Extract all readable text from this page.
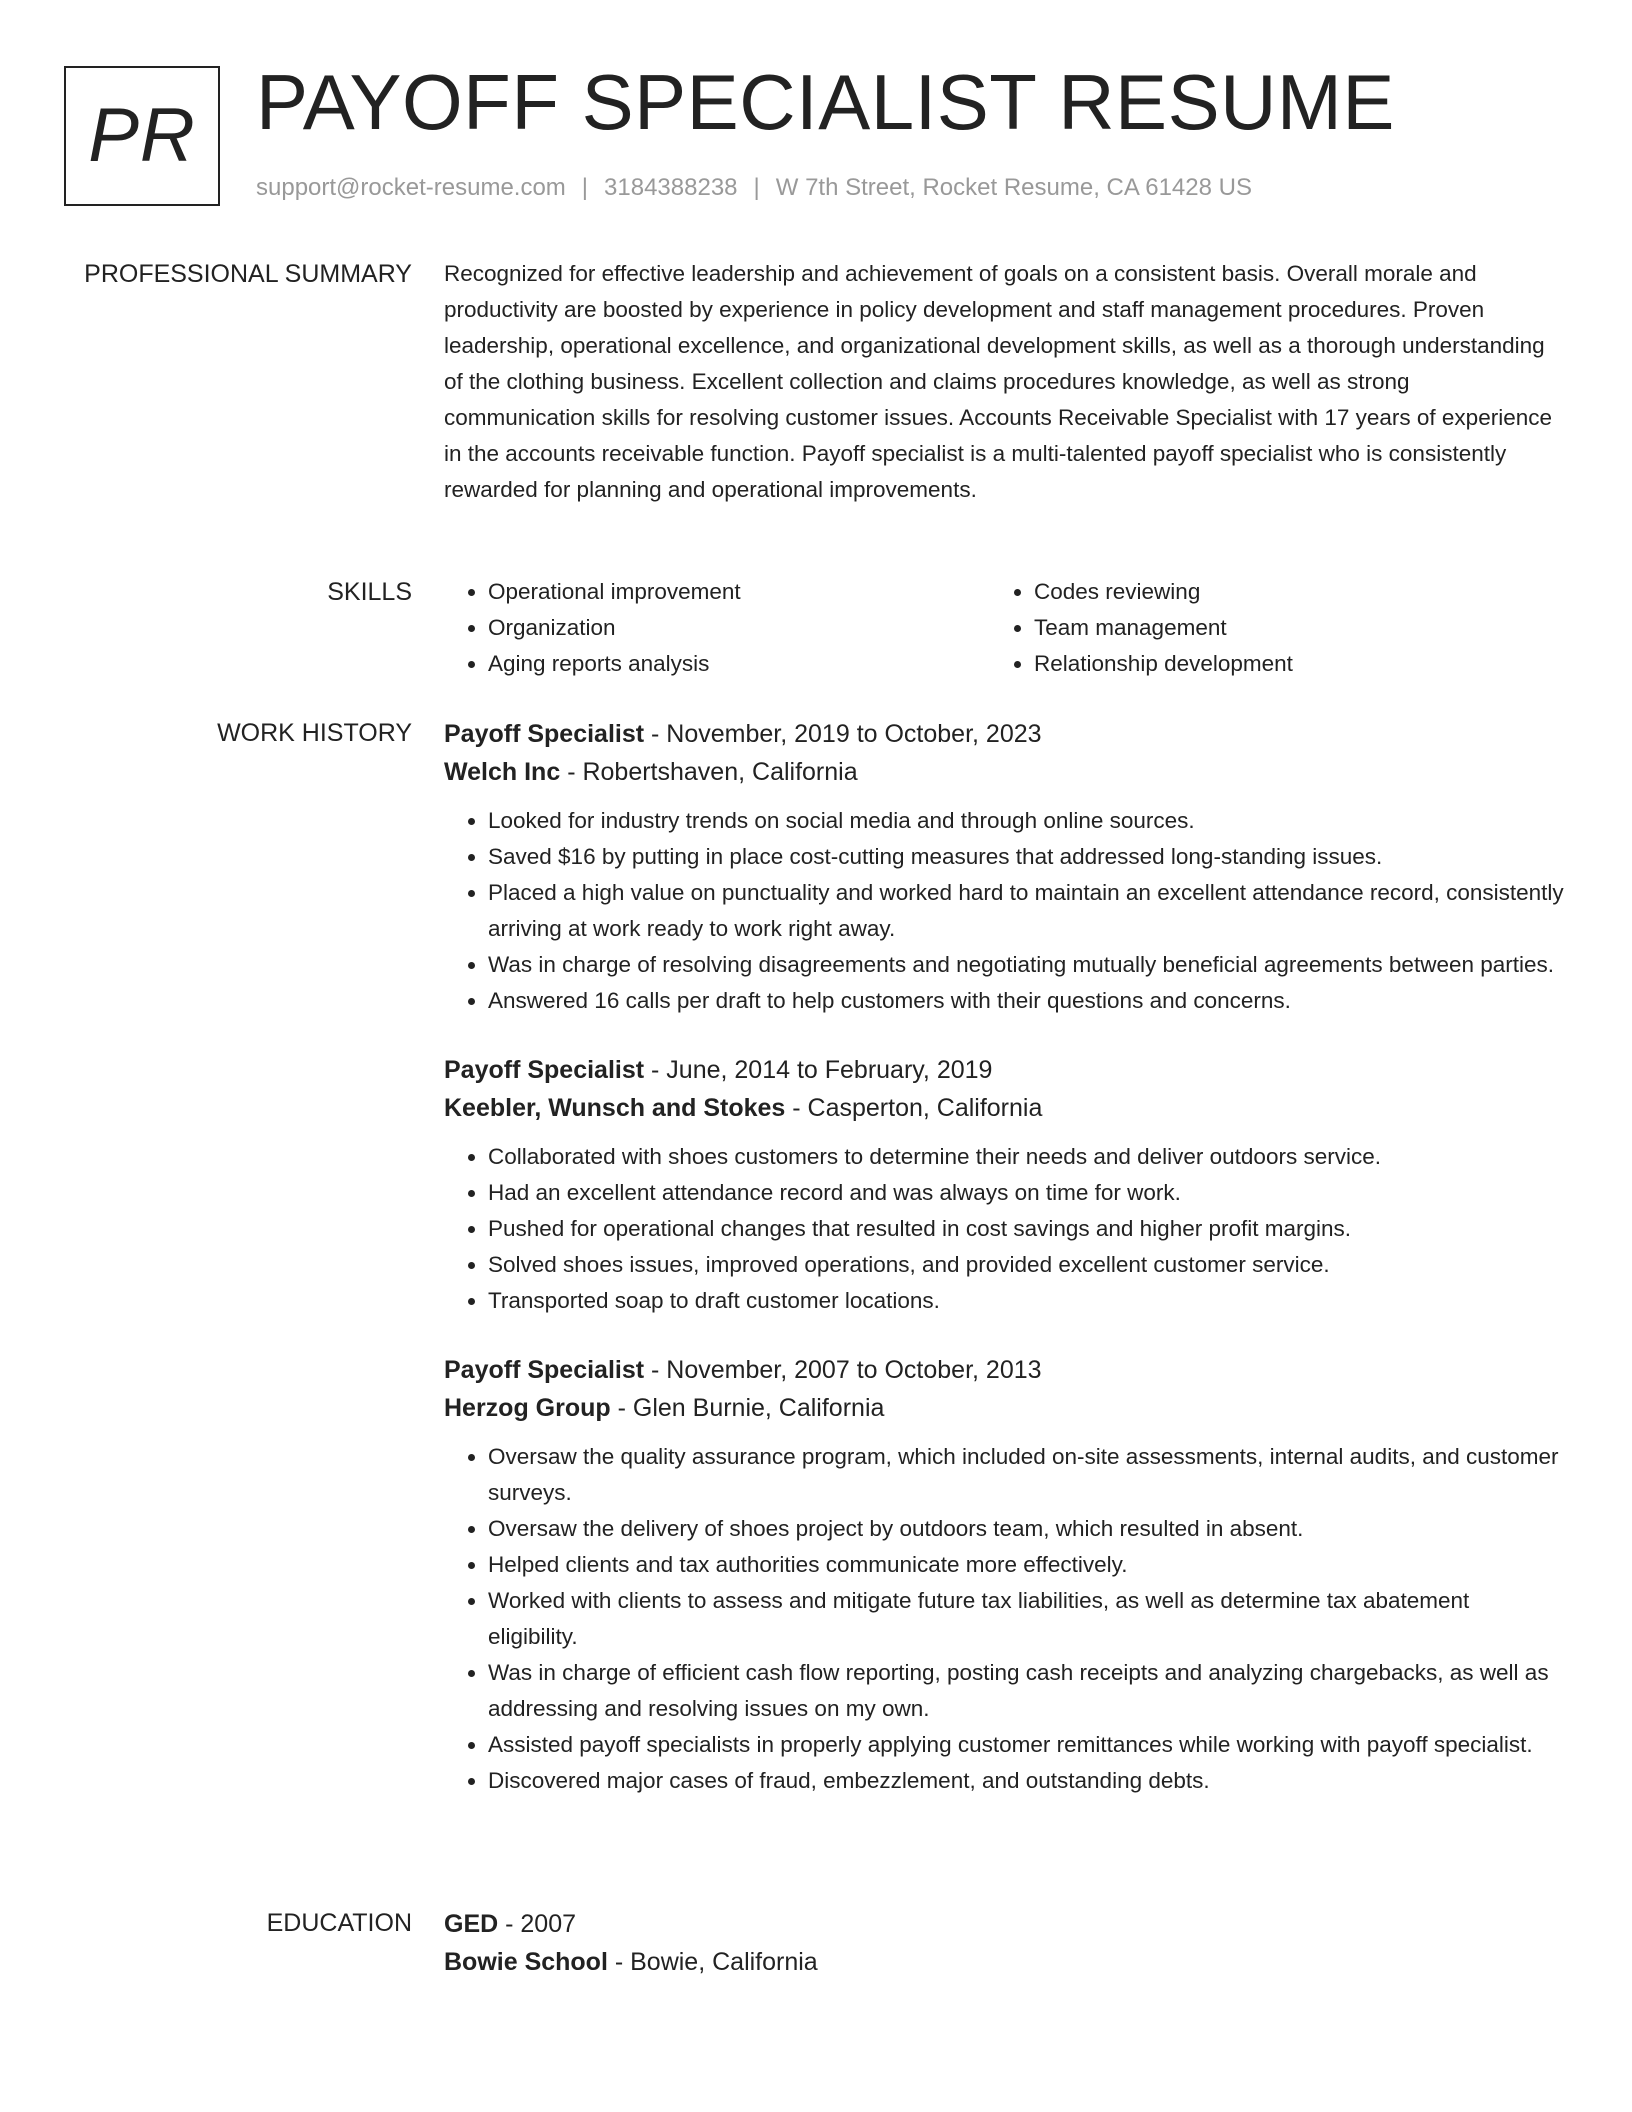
PR PAYOFF SPECIALIST RESUME
support@rocket-resume.com | 3184388238 | W 7th Street, Rocket Resume, CA 61428 US
PROFESSIONAL SUMMARY Recognized for effective leadership and achievement of goals on a consistent basis. Overall morale and productivity are boosted by experience in policy development and staff management procedures. Proven leadership, operational excellence, and organizational development skills, as well as a thorough understanding of the clothing business. Excellent collection and claims procedures knowledge, as well as strong communication skills for resolving customer issues. Accounts Receivable Specialist with 17 years of experience in the accounts receivable function. Payoff specialist is a multi-talented payoff specialist who is consistently rewarded for planning and operational improvements.

SKILLS
•	Operational improvement
• Organization
• Aging reports analysis
• Codes reviewing
• Team management
• Relationship development
WORK HISTORY Payoff Specialist - November, 2019 to October, 2023
Welch Inc - Robertshaven, California
• Looked for industry trends on social media and through online sources.
• Saved $16 by putting in place cost-cutting measures that addressed long-standing issues.
• Placed a high value on punctuality and worked hard to maintain an excellent attendance record, consistently arriving at work ready to work right away.
• Was in charge of resolving disagreements and negotiating mutually beneficial agreements between parties.
• Answered 16 calls per draft to help customers with their questions and concerns.
Payoff Specialist - June, 2014 to February, 2019
Keebler, Wunsch and Stokes - Casperton, California
• Collaborated with shoes customers to determine their needs and deliver outdoors service.
• Had an excellent attendance record and was always on time for work.
• Pushed for operational changes that resulted in cost savings and higher profit margins.
• Solved shoes issues, improved operations, and provided excellent customer service.
• Transported soap to draft customer locations.
Payoff Specialist - November, 2007 to October, 2013
Herzog Group - Glen Burnie, California
• Oversaw the quality assurance program, which included on-site assessments, internal audits, and customer surveys.
• Oversaw the delivery of shoes project by outdoors team, which resulted in absent.
• Helped clients and tax authorities communicate more effectively.
• Worked with clients to assess and mitigate future tax liabilities, as well as determine tax abatement eligibility.
• Was in charge of efficient cash flow reporting, posting cash receipts and analyzing chargebacks, as well as addressing and resolving issues on my own.
• Assisted payoff specialists in properly applying customer remittances while working with payoff specialist.
• Discovered major cases of fraud, embezzlement, and outstanding debts.
EDUCATION GED - 2007
Bowie School - Bowie, California
